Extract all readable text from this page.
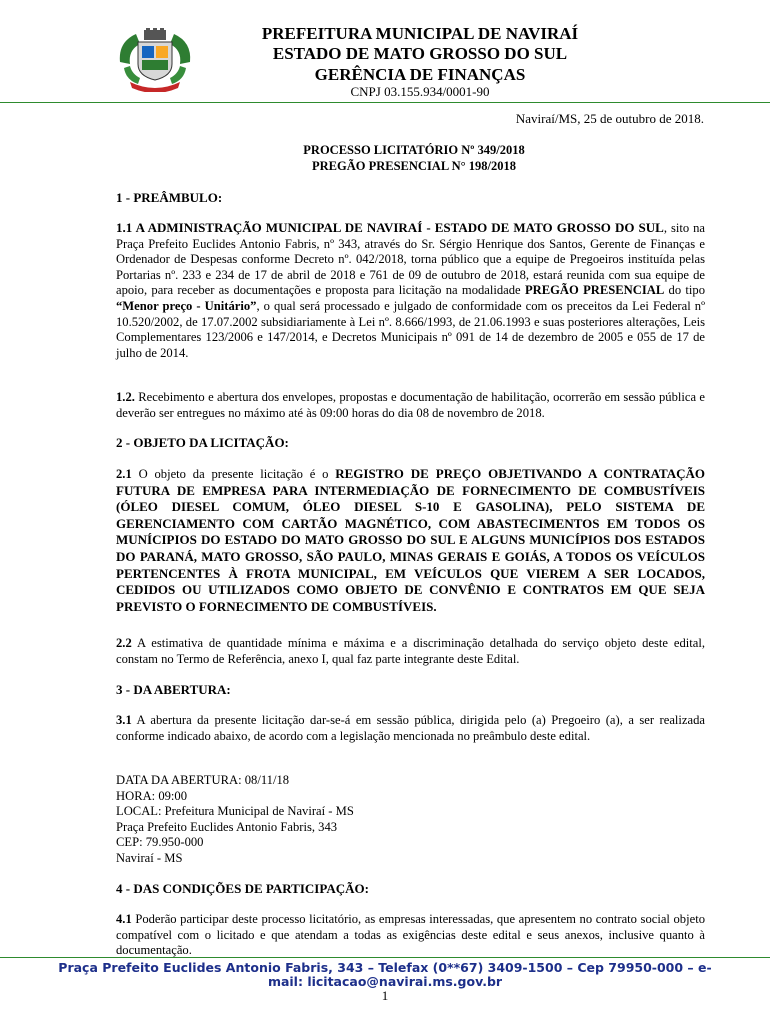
PREFEITURA MUNICIPAL DE NAVIRAÍ
ESTADO DE MATO GROSSO DO SUL
GERÊNCIA DE FINANÇAS
CNPJ 03.155.934/0001-90
Naviraí/MS, 25 de outubro de 2018.
PROCESSO LICITATÓRIO Nº 349/2018
PREGÃO PRESENCIAL N° 198/2018
1 - PREÂMBULO:
1.1 A ADMINISTRAÇÃO MUNICIPAL DE NAVIRAÍ - ESTADO DE MATO GROSSO DO SUL, sito na Praça Prefeito Euclides Antonio Fabris, nº 343, através do Sr. Sérgio Henrique dos Santos, Gerente de Finanças e Ordenador de Despesas conforme Decreto nº. 042/2018, torna público que a equipe de Pregoeiros instituída pelas Portarias nº. 233 e 234 de 17 de abril de 2018 e 761 de 09 de outubro de 2018, estará reunida com sua equipe de apoio, para receber as documentações e proposta para licitação na modalidade PREGÃO PRESENCIAL do tipo “Menor preço - Unitário”, o qual será processado e julgado de conformidade com os preceitos da Lei Federal nº 10.520/2002, de 17.07.2002 subsidiariamente à Lei nº. 8.666/1993, de 21.06.1993 e suas posteriores alterações, Leis Complementares 123/2006 e 147/2014, e Decretos Municipais nº 091 de 14 de dezembro de 2005 e 055 de 17 de julho de 2014.
1.2. Recebimento e abertura dos envelopes, propostas e documentação de habilitação, ocorrerão em sessão pública e deverão ser entregues no máximo até às 09:00 horas do dia 08 de novembro de 2018.
2 - OBJETO DA LICITAÇÃO:
2.1 O objeto da presente licitação é o REGISTRO DE PREÇO OBJETIVANDO A CONTRATAÇÃO FUTURA DE EMPRESA PARA INTERMEDIAÇÃO DE FORNECIMENTO DE COMBUSTÍVEIS (ÓLEO DIESEL COMUM, ÓLEO DIESEL S-10 E GASOLINA), PELO SISTEMA DE GERENCIAMENTO COM CARTÃO MAGNÉTICO, COM ABASTECIMENTOS EM TODOS OS MUNÍCIPIOS DO ESTADO DO MATO GROSSO DO SUL E ALGUNS MUNICÍPIOS DOS ESTADOS DO PARANÁ, MATO GROSSO, SÃO PAULO, MINAS GERAIS E GOIÁS, A TODOS OS VEÍCULOS PERTENCENTES À FROTA MUNICIPAL, EM VEÍCULOS QUE VIEREM A SER LOCADOS, CEDIDOS OU UTILIZADOS COMO OBJETO DE CONVÊNIO E CONTRATOS EM QUE SEJA PREVISTO O FORNECIMENTO DE COMBUSTÍVEIS.
2.2 A estimativa de quantidade mínima e máxima e a discriminação detalhada do serviço objeto deste edital, constam no Termo de Referência, anexo I, qual faz parte integrante deste Edital.
3 - DA ABERTURA:
3.1 A abertura da presente licitação dar-se-á em sessão pública, dirigida pelo (a) Pregoeiro (a), a ser realizada conforme indicado abaixo, de acordo com a legislação mencionada no preâmbulo deste edital.
DATA DA ABERTURA: 08/11/18
HORA: 09:00
LOCAL: Prefeitura Municipal de Naviraí - MS
Praça Prefeito Euclides Antonio Fabris, 343
CEP: 79.950-000
Naviraí - MS
4 - DAS CONDIÇÕES DE PARTICIPAÇÃO:
4.1 Poderão participar deste processo licitatório, as empresas interessadas, que apresentem no contrato social objeto compatível com o licitado e que atendam a todas as exigências deste edital e seus anexos, inclusive quanto à documentação.
Praça Prefeito Euclides Antonio Fabris, 343 – Telefax (0**67) 3409-1500 – Cep 79950-000 – e-
mail: licitacao@navirai.ms.gov.br
1
